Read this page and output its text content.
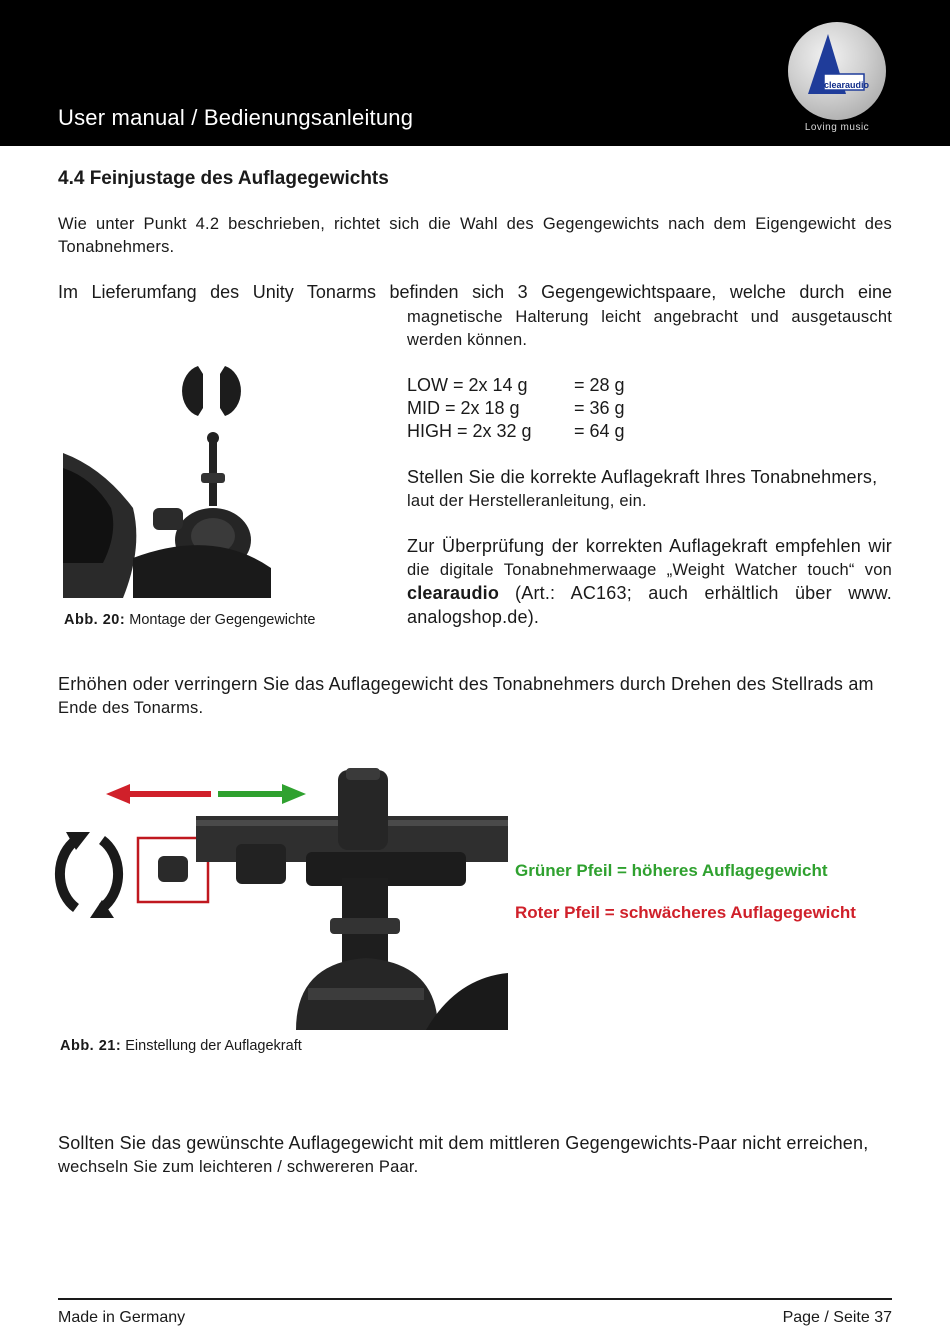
User manual / Bedienungsanleitung
clearaudio
Loving music
4.4 Feinjustage des Auflagegewichts
Wie unter Punkt 4.2 beschrieben, richtet sich die Wahl des Gegengewichts nach dem Eigengewicht des Tonabnehmers.
Im Lieferumfang des Unity Tonarms befinden sich 3 Gegengewichtspaare, welche durch eine
magnetische Halterung leicht angebracht und ausgetauscht werden können.
LOW = 2x 14 g	= 28 g
MID = 2x 18 g	= 36 g
HIGH = 2x 32 g = 64 g
Stellen Sie die korrekte Auflagekraft Ihres Tonabnehmers,
laut der Herstelleranleitung, ein.
Zur Überprüfung der korrekten Auflagekraft empfehlen wir die digitale Tonabnehmerwaage „Weight Watcher touch“ von clearaudio (Art.: AC163; auch erhältlich über www. analogshop.de).
Abb. 20: Montage der Gegengewichte
Erhöhen oder verringern Sie das Auflagegewicht des Tonabnehmers durch Drehen des Stellrads am
Ende des Tonarms.
Grüner Pfeil = höheres Auflagegewicht
Roter Pfeil = schwächeres Auflagegewicht
Abb. 21: Einstellung der Auflagekraft
Sollten Sie das gewünschte Auflagegewicht mit dem mittleren Gegengewichts-Paar nicht erreichen,
wechseln Sie zum leichteren / schwereren Paar.
Made in Germany	Page / Seite 37
